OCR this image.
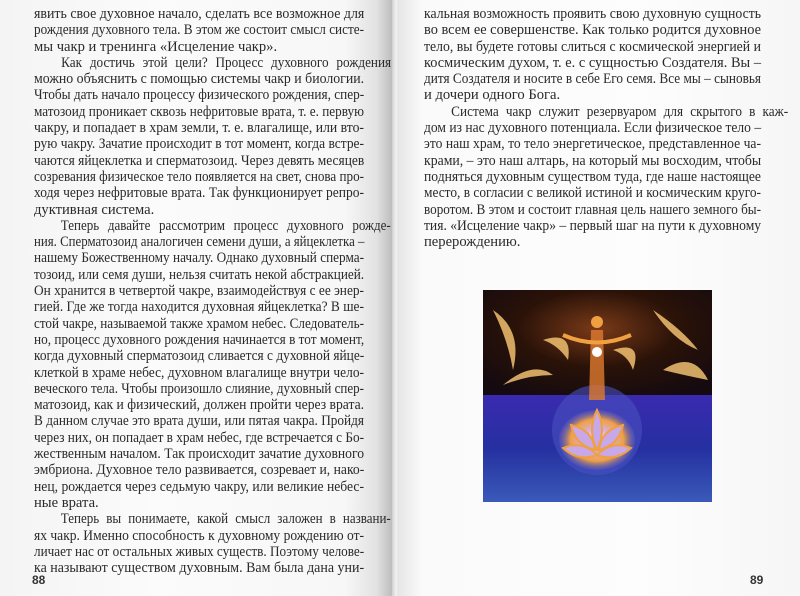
явить свое духовное начало, сделать все возможное для
рождения духовного тела. В этом же состоит смысл систе-
мы чакр и тренинга «Исцеление чакр».
Как достичь этой цели? Процесс духовного рождения
можно объяснить с помощью системы чакр и биологии.
Чтобы дать начало процессу физического рождения, спер-
матозоид проникает сквозь нефритовые врата, т. е. первую
чакру, и попадает в храм земли, т. е. влагалище, или вто-
рую чакру. Зачатие происходит в тот момент, когда встре-
чаются яйцеклетка и сперматозоид. Через девять месяцев
созревания физическое тело появляется на свет, снова про-
ходя через нефритовые врата. Так функционирует репро-
дуктивная система.
Теперь давайте рассмотрим процесс духовного рожде-
ния. Сперматозоид аналогичен семени души, а яйцеклетка –
нашему Божественному началу. Однако духовный сперма-
тозоид, или семя души, нельзя считать некой абстракцией.
Он хранится в четвертой чакре, взаимодействуя с ее энер-
гией. Где же тогда находится духовная яйцеклетка? В ше-
стой чакре, называемой также храмом небес. Следователь-
но, процесс духовного рождения начинается в тот момент,
когда духовный сперматозоид сливается с духовной яйце-
клеткой в храме небес, духовном влагалище внутри чело-
веческого тела. Чтобы произошло слияние, духовный спер-
матозоид, как и физический, должен пройти через врата.
В данном случае это врата души, или пятая чакра. Пройдя
через них, он попадает в храм небес, где встречается с Бо-
жественным началом. Так происходит зачатие духовного
эмбриона. Духовное тело развивается, созревает и, нако-
нец, рождается через седьмую чакру, или великие небес-
ные врата.
Теперь вы понимаете, какой смысл заложен в названи-
ях чакр. Именно способность к духовному рождению от-
личает нас от остальных живых существ. Поэтому челове-
ка называют существом духовным. Вам была дана уни-
88
кальная возможность проявить свою духовную сущность
во всем ее совершенстве. Как только родится духовное
тело, вы будете готовы слиться с космической энергией и
космическим духом, т. е. с сущностью Создателя. Вы –
дитя Создателя и носите в себе Его семя. Все мы – сыновья
и дочери одного Бога.
Система чакр служит резервуаром для скрытого в каж-
дом из нас духовного потенциала. Если физическое тело –
это наш храм, то тело энергетическое, представленное ча-
крами, – это наш алтарь, на который мы восходим, чтобы
подняться духовным существом туда, где наше настоящее
место, в согласии с великой истиной и космическим круго-
воротом. В этом и состоит главная цель нашего земного бы-
тия. «Исцеление чакр» – первый шаг на пути к духовному
перерождению.
89
